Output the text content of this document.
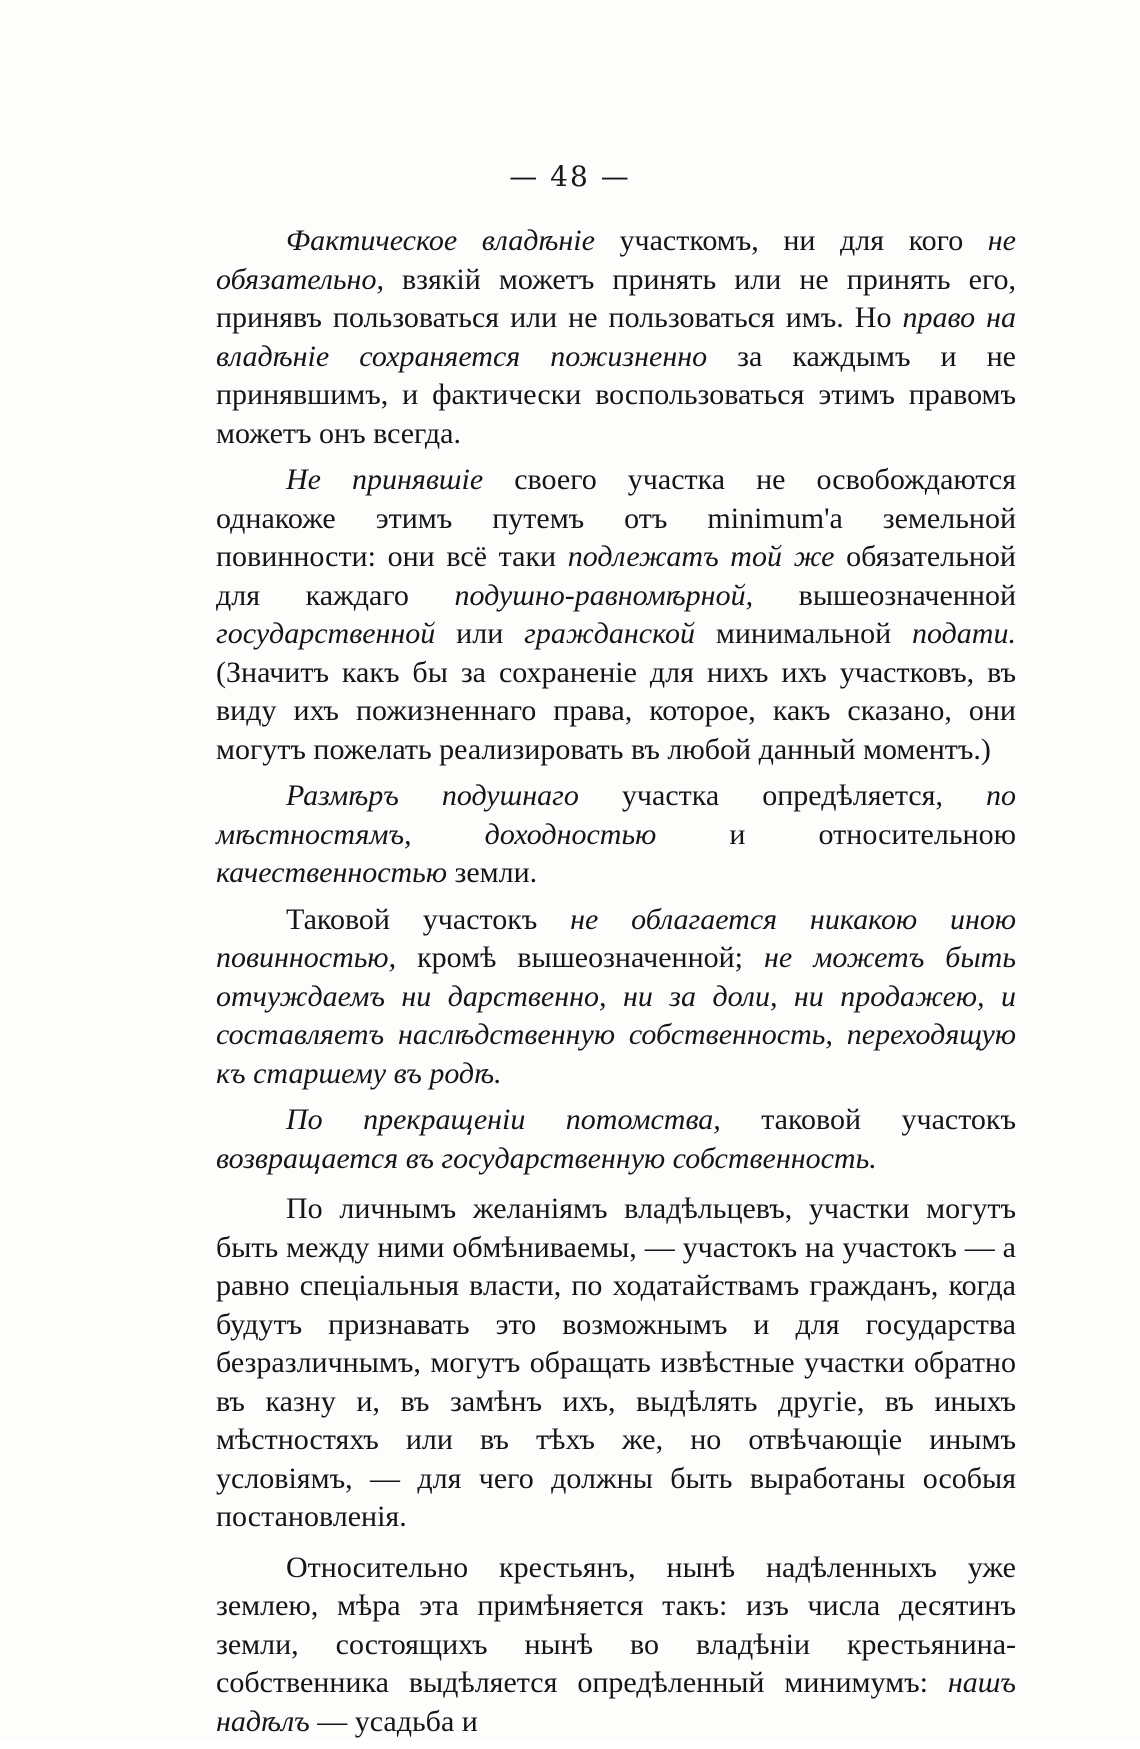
— 48 —

Фактическое владѣніе участкомъ, ни для кого не обязательно, взякій можетъ принять или не принять его, принявъ пользоваться или не пользоваться имъ. Но право на владѣніе сохраняется пожизненно за каждымъ и не принявшимъ, и фактически воспользоваться этимъ правомъ можетъ онъ всегда.

Не принявшіе своего участка не освобождаются однакоже этимъ путемъ отъ minimum'a земельной повинности: они всё таки подлежатъ той же обязательной для каждаго подушно-равномѣрной, вышеозначенной государственной или гражданской минимальной подати. (Значитъ какъ бы за сохраненіе для нихъ ихъ участковъ, въ виду ихъ пожизненнаго права, которое, какъ сказано, они могутъ пожелать реализировать въ любой данный моментъ.)

Размѣръ подушнаго участка опредѣляется, по мѣстностямъ, доходностью и относительною качественностью земли.

Таковой участокъ не облагается никакою иною повинностью, кромѣ вышеозначенной; не можетъ быть отчуждаемъ ни дарственно, ни за доли, ни продажею, и составляетъ наслѣдственную собственность, переходящую къ старшему въ родѣ.

По прекращеніи потомства, таковой участокъ возвращается въ государственную собственность.

По личнымъ желаніямъ владѣльцевъ, участки могутъ быть между ними обмѣниваемы, — участокъ на участокъ — а равно спеціальныя власти, по ходатайствамъ гражданъ, когда будутъ признавать это возможнымъ и для государства безразличнымъ, могутъ обращать извѣстные участки обратно въ казну и, въ замѣнъ ихъ, выдѣлять другіе, въ иныхъ мѣстностяхъ или въ тѣхъ же, но отвѣчающіе инымъ условіямъ, — для чего должны быть выработаны особыя постановленія.

Относительно крестьянъ, нынѣ надѣленныхъ уже землею, мѣра эта примѣняется такъ: изъ числа десятинъ земли, состоящихъ нынѣ во владѣніи крестьянина-собственника выдѣляется опредѣленный минимумъ: нашъ надѣлъ — усадьба и
